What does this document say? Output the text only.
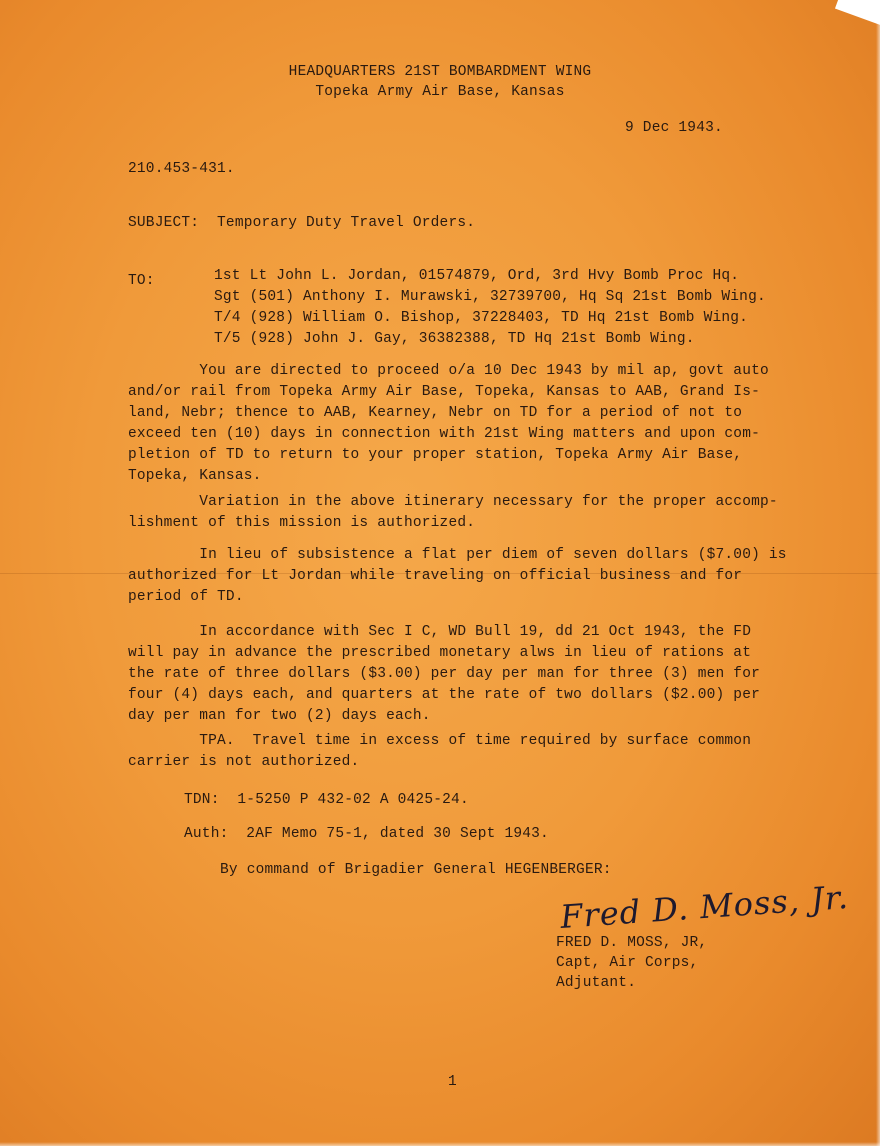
HEADQUARTERS 21ST BOMBARDMENT WING
Topeka Army Air Base, Kansas
9 Dec 1943.
210.453-431.
SUBJECT:  Temporary Duty Travel Orders.
TO:	1st Lt John L. Jordan, 01574879, Ord, 3rd Hvy Bomb Proc Hq.
Sgt (501) Anthony I. Murawski, 32739700, Hq Sq 21st Bomb Wing.
T/4 (928) William O. Bishop, 37228403, TD Hq 21st Bomb Wing.
T/5 (928) John J. Gay, 36382388, TD Hq 21st Bomb Wing.
You are directed to proceed o/a 10 Dec 1943 by mil ap, govt auto
and/or rail from Topeka Army Air Base, Topeka, Kansas to AAB, Grand Is-
land, Nebr; thence to AAB, Kearney, Nebr on TD for a period of not to
exceed ten (10) days in connection with 21st Wing matters and upon com-
pletion of TD to return to your proper station, Topeka Army Air Base,
Topeka, Kansas.
Variation in the above itinerary necessary for the proper accomp-
lishment of this mission is authorized.
In lieu of subsistence a flat per diem of seven dollars ($7.00) is
authorized for Lt Jordan while traveling on official business and for
period of TD.
In accordance with Sec I C, WD Bull 19, dd 21 Oct 1943, the FD
will pay in advance the prescribed monetary alws in lieu of rations at
the rate of three dollars ($3.00) per day per man for three (3) men for
four (4) days each, and quarters at the rate of two dollars ($2.00) per
day per man for two (2) days each.
TPA.  Travel time in excess of time required by surface common
carrier is not authorized.
TDN:  1-5250 P 432-02 A 0425-24.
Auth:  2AF Memo 75-1, dated 30 Sept 1943.
By command of Brigadier General HEGENBERGER:
Fred D. Moss, Jr.
FRED D. MOSS, JR,
Capt, Air Corps,
Adjutant.
1
